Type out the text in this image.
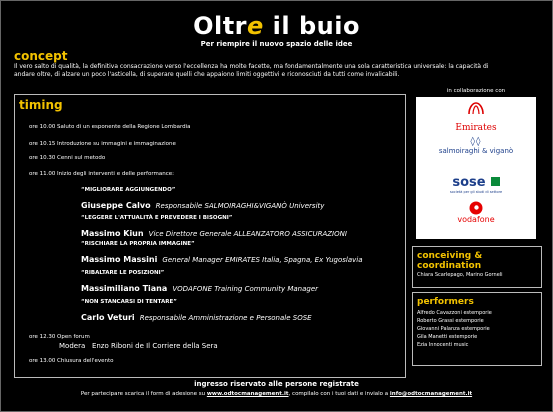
Oltre il buio
Per riempire il nuovo spazio delle idee
concept
Il vero salto di qualità, la definitiva consacrazione verso l'eccellenza ha molte facette, ma fondamentalmente una sola caratteristica universale: la capacità di
andare oltre, di alzare un poco l'asticella, di superare quelli che appaiono limiti oggettivi e riconosciuti da tutti come invalicabili.
timing
ore 10.00 Saluto di un esponente della Regione Lombardia
ore 10.15 Introduzione su immagini e immaginazione
ore 10.30 Cenni sul metodo
ore 11.00 Inizio degli interventi e delle performance:
“MIGLIORARE AGGIUNGENDO”
Giuseppe Calvo Responsabile SALMOIRAGHI&VIGANÒ University
“LEGGERE L'ATTUALITÀ E PREVEDERE I BISOGNI”
Massimo Kiun Vice Direttore Generale ALLEANZATORO ASSICURAZIONI
“RISCHIARE LA PROPRIA IMMAGINE”
Massimo Massini General Manager EMIRATES Italia, Spagna, Ex Yugoslavia
“RIBALTARE LE POSIZIONI”
Massimiliano Tiana VODAFONE Training Community Manager
“NON STANCARSI DI TENTARE”
Carlo Veturi Responsabile Amministrazione e Personale SOSE
ore 12.30 Open forum
Modera Enzo Riboni de Il Corriere della Sera
ore 13.00 Chiusura dell'evento
in collaborazione con
Emirates
◊◊
salmoiraghi & viganò
sose
società per gli studi di settore
vodafone
conceiving & coordination
Chiara Scarlepago, Marino Gorneli
performers
Alfredo Cavazzoni estemporie
Roberto Grassi estemporie
Giovanni Palanza estemporie
Gila Manetti estemporie
Ezia Innocenti music
ingresso riservato alle persone registrate
Per partecipare scarica il form di adesione su www.odtocmanagement.it, compilalo con i tuoi dati e invialo a info@odtocmanagement.it
